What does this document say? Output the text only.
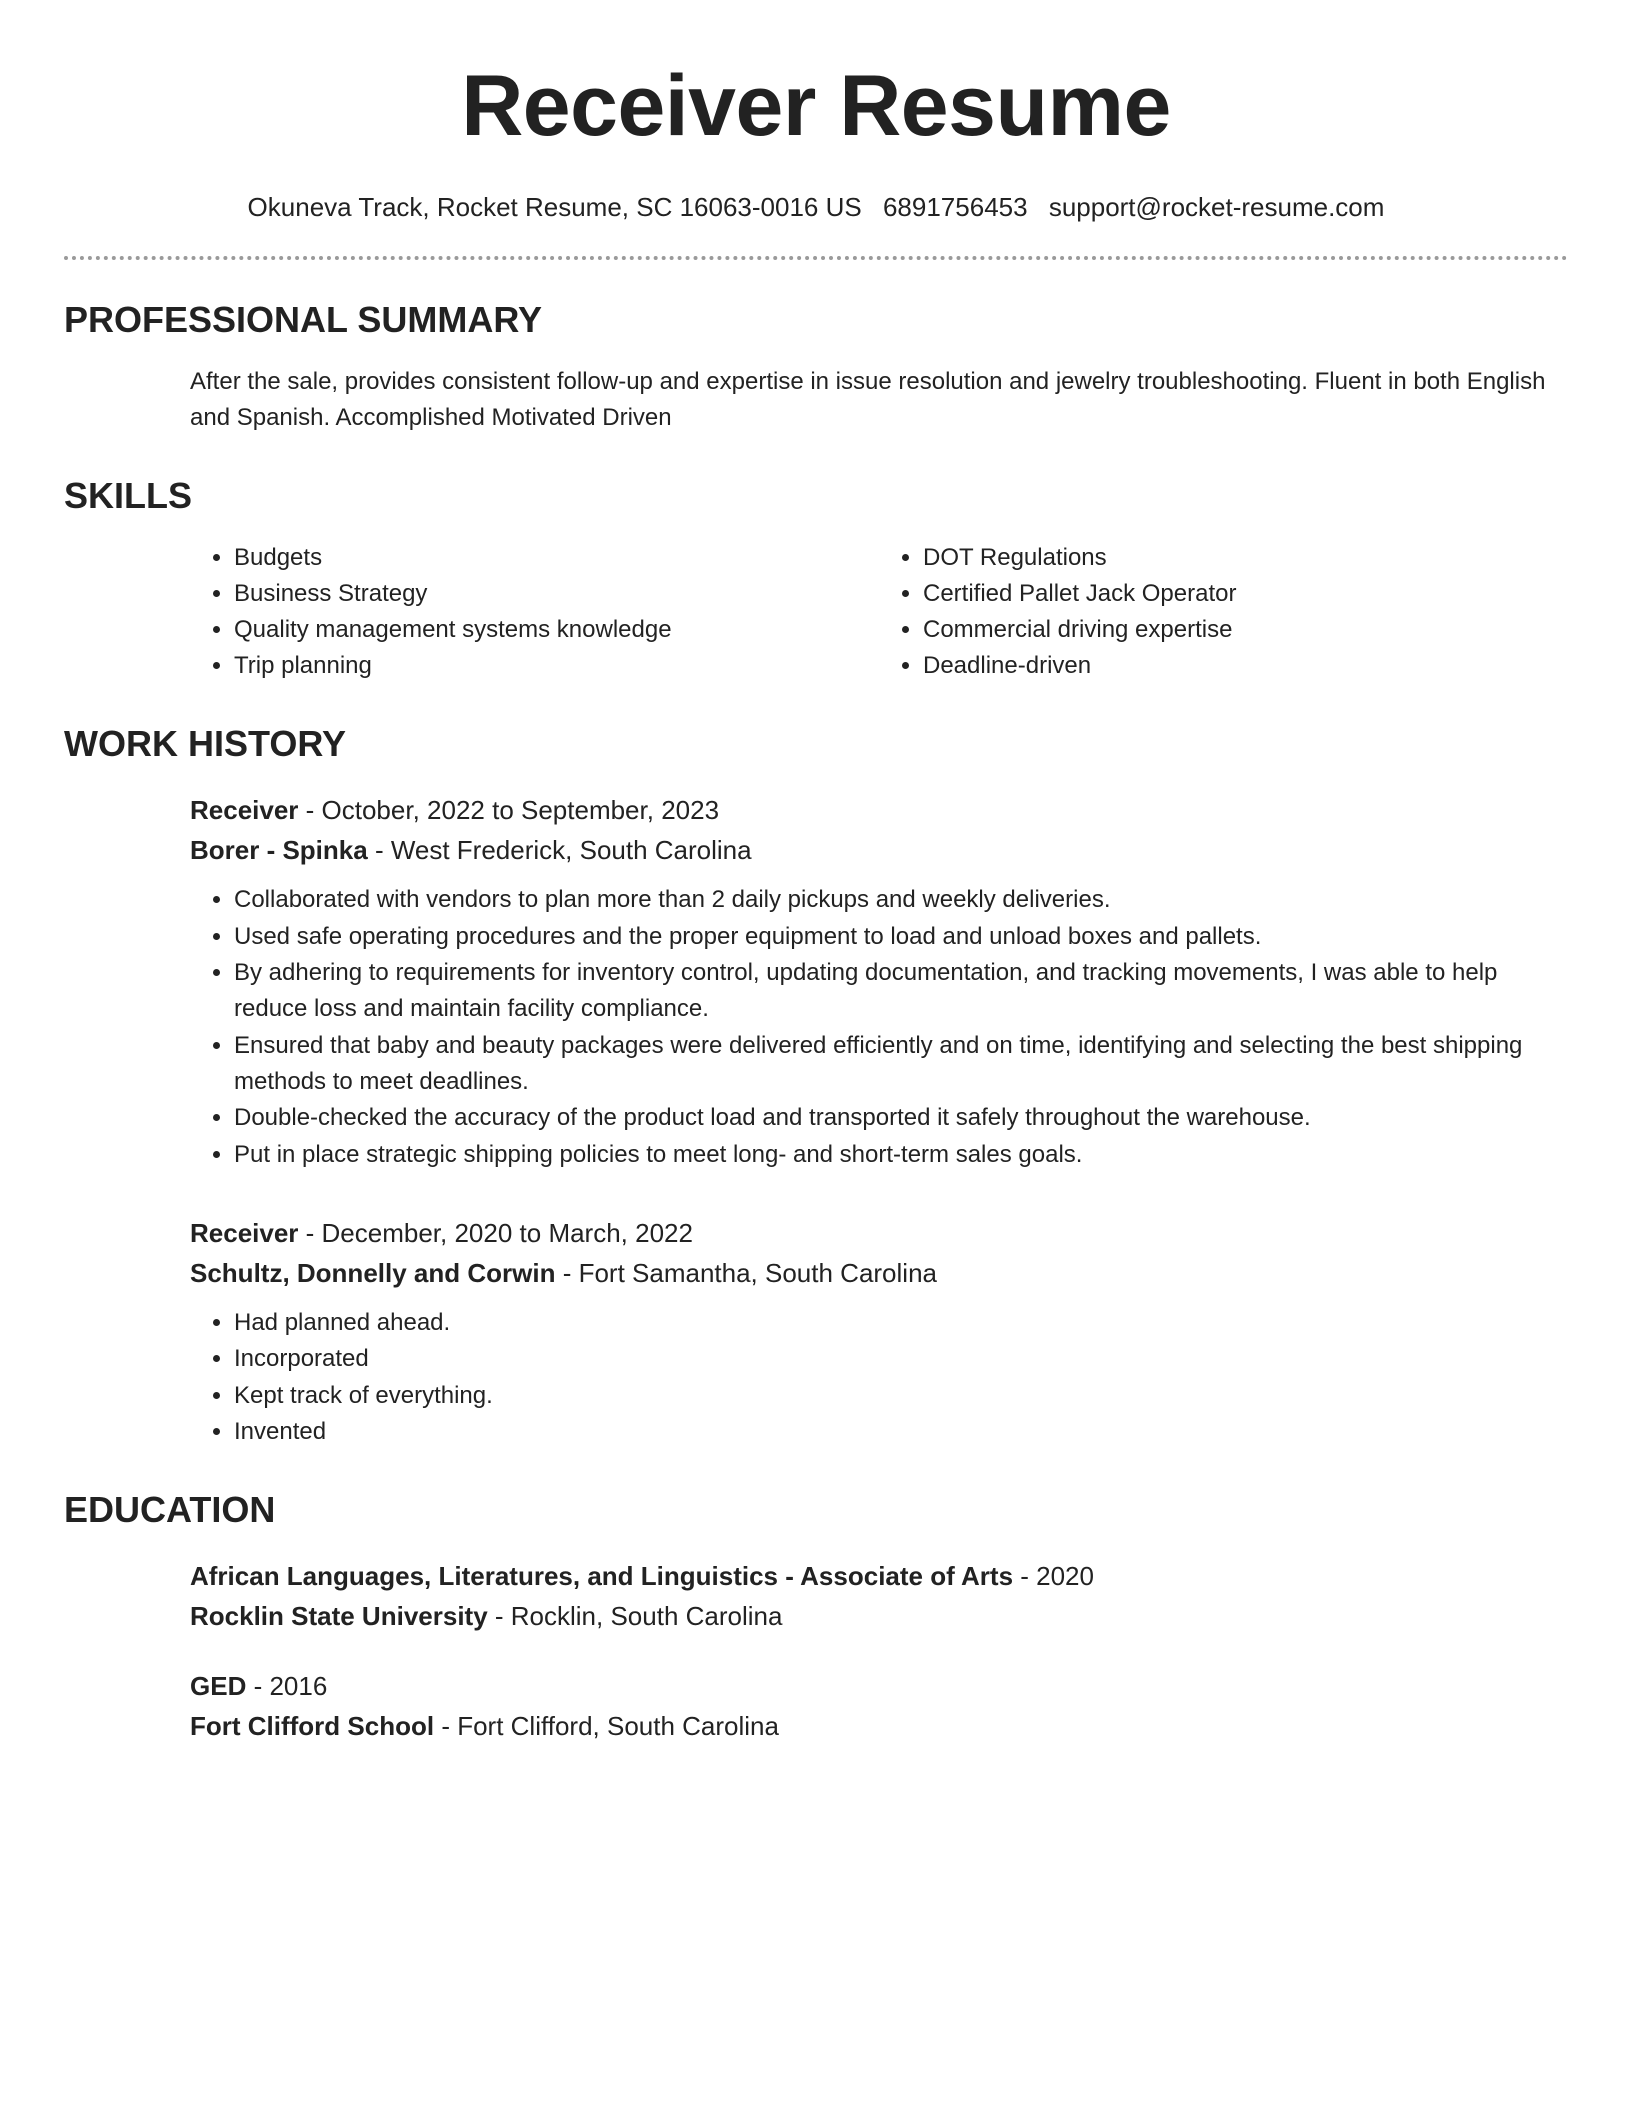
Receiver Resume
Okuneva Track, Rocket Resume, SC 16063-0016 US 6891756453 support@rocket-resume.com
PROFESSIONAL SUMMARY
After the sale, provides consistent follow-up and expertise in issue resolution and jewelry troubleshooting. Fluent in both English and Spanish. Accomplished Motivated Driven
SKILLS
• Budgets
• Business Strategy
• Quality management systems knowledge
• Trip planning
• DOT Regulations
• Certified Pallet Jack Operator
• Commercial driving expertise
• Deadline-driven
WORK HISTORY
Receiver - October, 2022 to September, 2023
Borer - Spinka - West Frederick, South Carolina
• Collaborated with vendors to plan more than 2 daily pickups and weekly deliveries.
• Used safe operating procedures and the proper equipment to load and unload boxes and pallets.
• By adhering to requirements for inventory control, updating documentation, and tracking movements, I was able to help reduce loss and maintain facility compliance.
• Ensured that baby and beauty packages were delivered efficiently and on time, identifying and selecting the best shipping methods to meet deadlines.
• Double-checked the accuracy of the product load and transported it safely throughout the warehouse.
• Put in place strategic shipping policies to meet long- and short-term sales goals.
Receiver - December, 2020 to March, 2022
Schultz, Donnelly and Corwin - Fort Samantha, South Carolina
• Had planned ahead.
• Incorporated
• Kept track of everything.
• Invented
EDUCATION
African Languages, Literatures, and Linguistics - Associate of Arts - 2020
Rocklin State University - Rocklin, South Carolina
GED - 2016
Fort Clifford School - Fort Clifford, South Carolina
